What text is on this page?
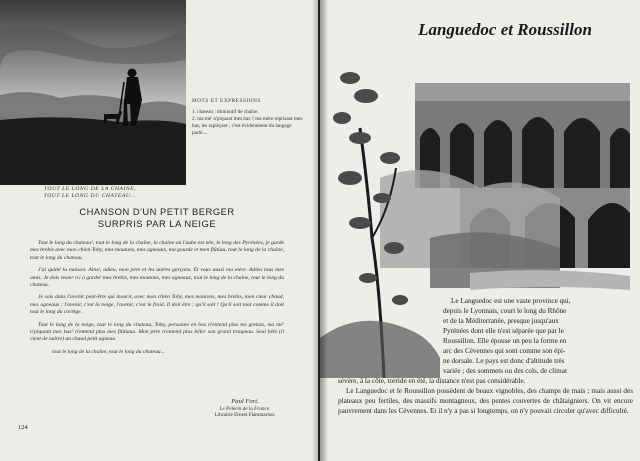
TOUT LE LONG DE LA CHAINE,
TOUT LE LONG DU CHATEAU...
MOTS ET EXPRESSIONS
1. chateau : diminutif de chaîne.
2. ma mè' n'piquant mes bas ? ma mère reprisant mes bas, les rapiéçant ; c'est évidemment du langage parlé....
CHANSON D'UN PETIT BERGER
SURPRIS PAR LA NEIGE

Tout le long du chateau¹, tout le long de la chaîne, la chaîne où l'aube est née, le long des Pyrénées, je garde mes brebis avec mon chien Toby, mes moutons, mes agneaux, ma gourde et mon flûtiau, tout le long de la chaîne, tout le long du chateau.

J'ai quitté la maison. Ainsi, adieu, mon père et les autres garçons. Et vous aussi ma mère. Adieu tous mes amis. Je dois rester ici à garder mes brebis, mes moutons, mes agneaux, tout le long de la chaîne, tout le long du chateau.

Je sais dans l'avenir peut-être qui mourir, avec mon chien Toby, mes moutons, mes brebis, mon cœur chaud, mes agneaux ; l'avenir, c'est la neige, l'avenir, c'est le froid. Il doit être ; qu'il soit ! Qu'il soit tout comme il doit tout le long du cortège.

Tout le long de la neige, tout le long du chateau, Toby, personne en bas n'entend plus tes grelots, ma mè' n'piquant mes bas² n'entend plus mes flûtiaux. Mon père n'entend plus bêler son grand troupeau. Seul bêle (il vient de naître) un chaud petit agneau

tout le long de la chaîne, tout le long du chateau...

Paul Fort.
Le Pèlerin de la France.
Librairie Ernest Flammarion.
124
Languedoc et Roussillon

Le Languedoc est une vaste province qui,

depuis le Lyonnais, court le long du Rhône
et de la Méditerranée, presque jusqu'aux
Pyrénées dont elle n'est séparée que par le
Roussillon. Elle épouse un peu la forme en
arc des Cévennes qui sont comme son épi-
ne dorsale. Le pays est donc d'altitude très
variée ; des sommets ou des cols, de climat

sévère, à la côte, torride en été, la distance n'est pas considérable.

Le Languedoc et le Roussillon possèdent de beaux vignobles, des champs de maïs ; mais aussi des plateaux peu fertiles, des massifs montagneux, des pentes couvertes de châtaigniers. On vit encore pauvrement dans les Cévennes. Et il n'y a pas si longtemps, on n'y pouvait circuler qu'avec difficulté.
